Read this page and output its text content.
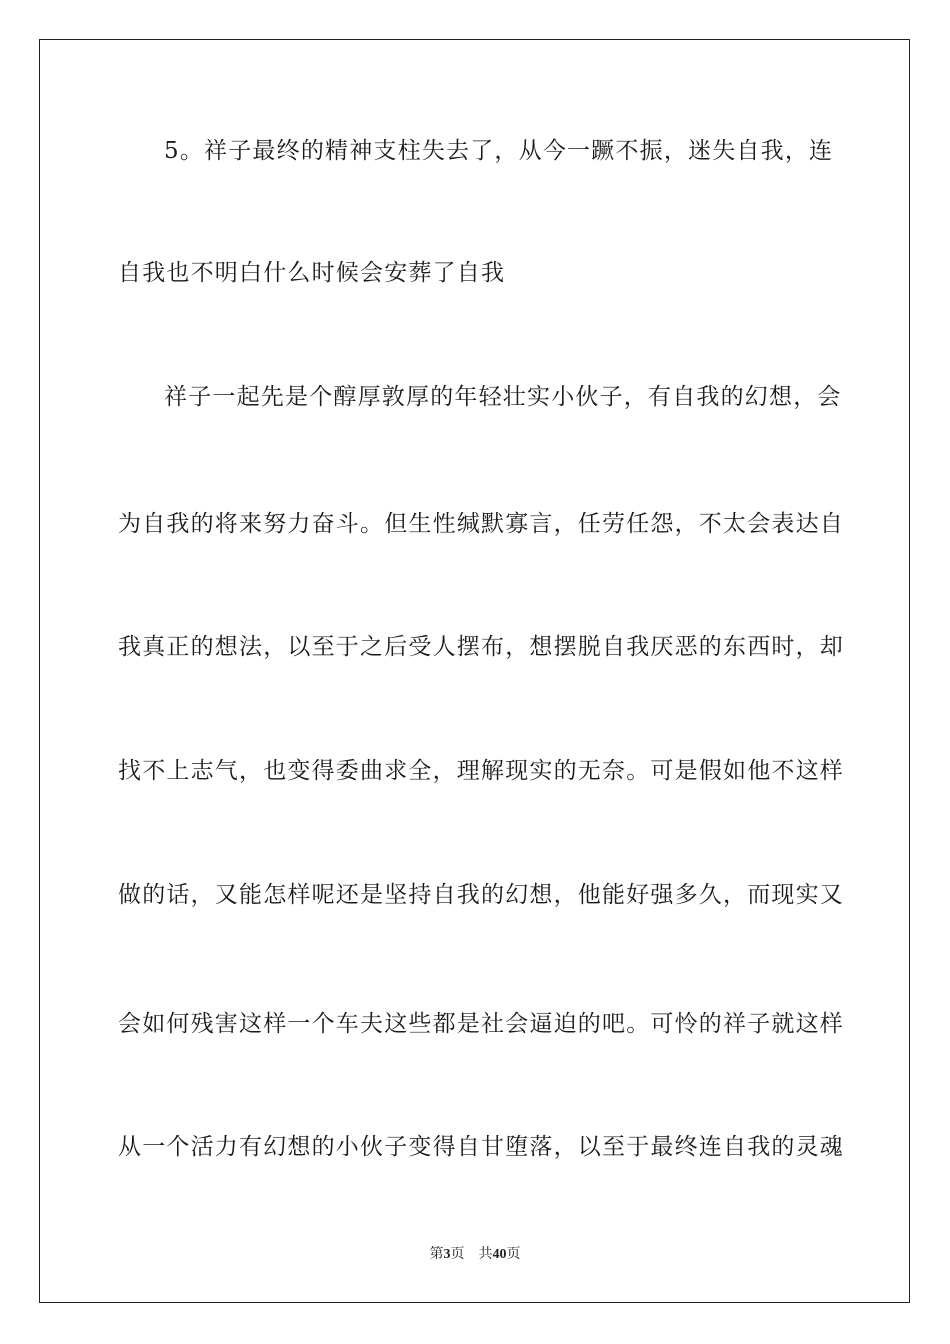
5。祥子最终的精神支柱失去了，从今一蹶不振，迷失自我，连
自我也不明白什么时候会安葬了自我
祥子一起先是个醇厚敦厚的年轻壮实小伙子，有自我的幻想，会
为自我的将来努力奋斗。但生性缄默寡言，任劳任怨，不太会表达自
我真正的想法，以至于之后受人摆布，想摆脱自我厌恶的东西时，却
找不上志气，也变得委曲求全，理解现实的无奈。可是假如他不这样
做的话，又能怎样呢还是坚持自我的幻想，他能好强多久，而现实又
会如何残害这样一个车夫这些都是社会逼迫的吧。可怜的祥子就这样
从一个活力有幻想的小伙子变得自甘堕落，以至于最终连自我的灵魂
第3页 共40页
